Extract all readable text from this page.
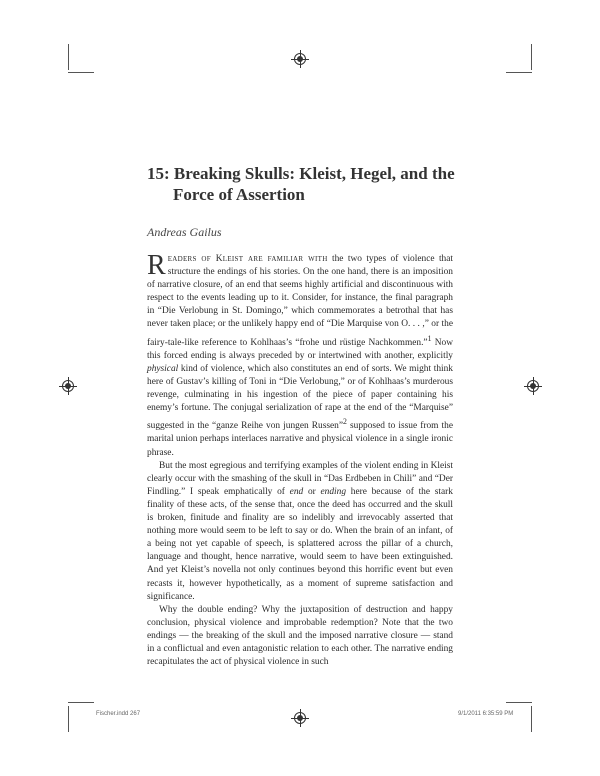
15: Breaking Skulls: Kleist, Hegel, and the
Force of Assertion
Andreas Gailus

Readers of Kleist are familiar with the two types of violence that structure the endings of his stories. On the one hand, there is an imposition of narrative closure, of an end that seems highly artificial and discontinuous with respect to the events leading up to it. Consider, for instance, the final paragraph in “Die Verlobung in St. Domingo,” which commemorates a betrothal that has never taken place; or the unlikely happy end of “Die Marquise von O. . . ,” or the fairy-tale-like reference to Kohlhaas’s “frohe und rüstige Nachkommen.”$^1$ Now this forced ending is always preceded by or intertwined with another, explicitly physical kind of violence, which also constitutes an end of sorts. We might think here of Gustav’s killing of Toni in “Die Verlobung,” or of Kohlhaas’s murderous revenge, culminating in his ingestion of the piece of paper containing his enemy’s fortune. The conjugal serialization of rape at the end of the “Marquise” suggested in the “ganze Reihe von jungen Russen”$^2$ supposed to issue from the marital union perhaps interlaces narrative and physical violence in a single ironic phrase.

But the most egregious and terrifying examples of the violent ending in Kleist clearly occur with the smashing of the skull in “Das Erdbeben in Chili” and “Der Findling.” I speak emphatically of end or ending here because of the stark finality of these acts, of the sense that, once the deed has occurred and the skull is broken, finitude and finality are so indelibly and irrevocably asserted that nothing more would seem to be left to say or do. When the brain of an infant, of a being not yet capable of speech, is splattered across the pillar of a church, language and thought, hence narrative, would seem to have been extinguished. And yet Kleist’s novella not only continues beyond this horrific event but even recasts it, however hypothetically, as a moment of supreme satisfaction and significance.

Why the double ending? Why the juxtaposition of destruction and happy conclusion, physical violence and improbable redemption? Note that the two endings — the breaking of the skull and the imposed narrative closure — stand in a conflictual and even antagonistic relation to each other. The narrative ending recapitulates the act of physical violence in such

Fischer.indd 267	9/1/2011 6:35:59 PM
